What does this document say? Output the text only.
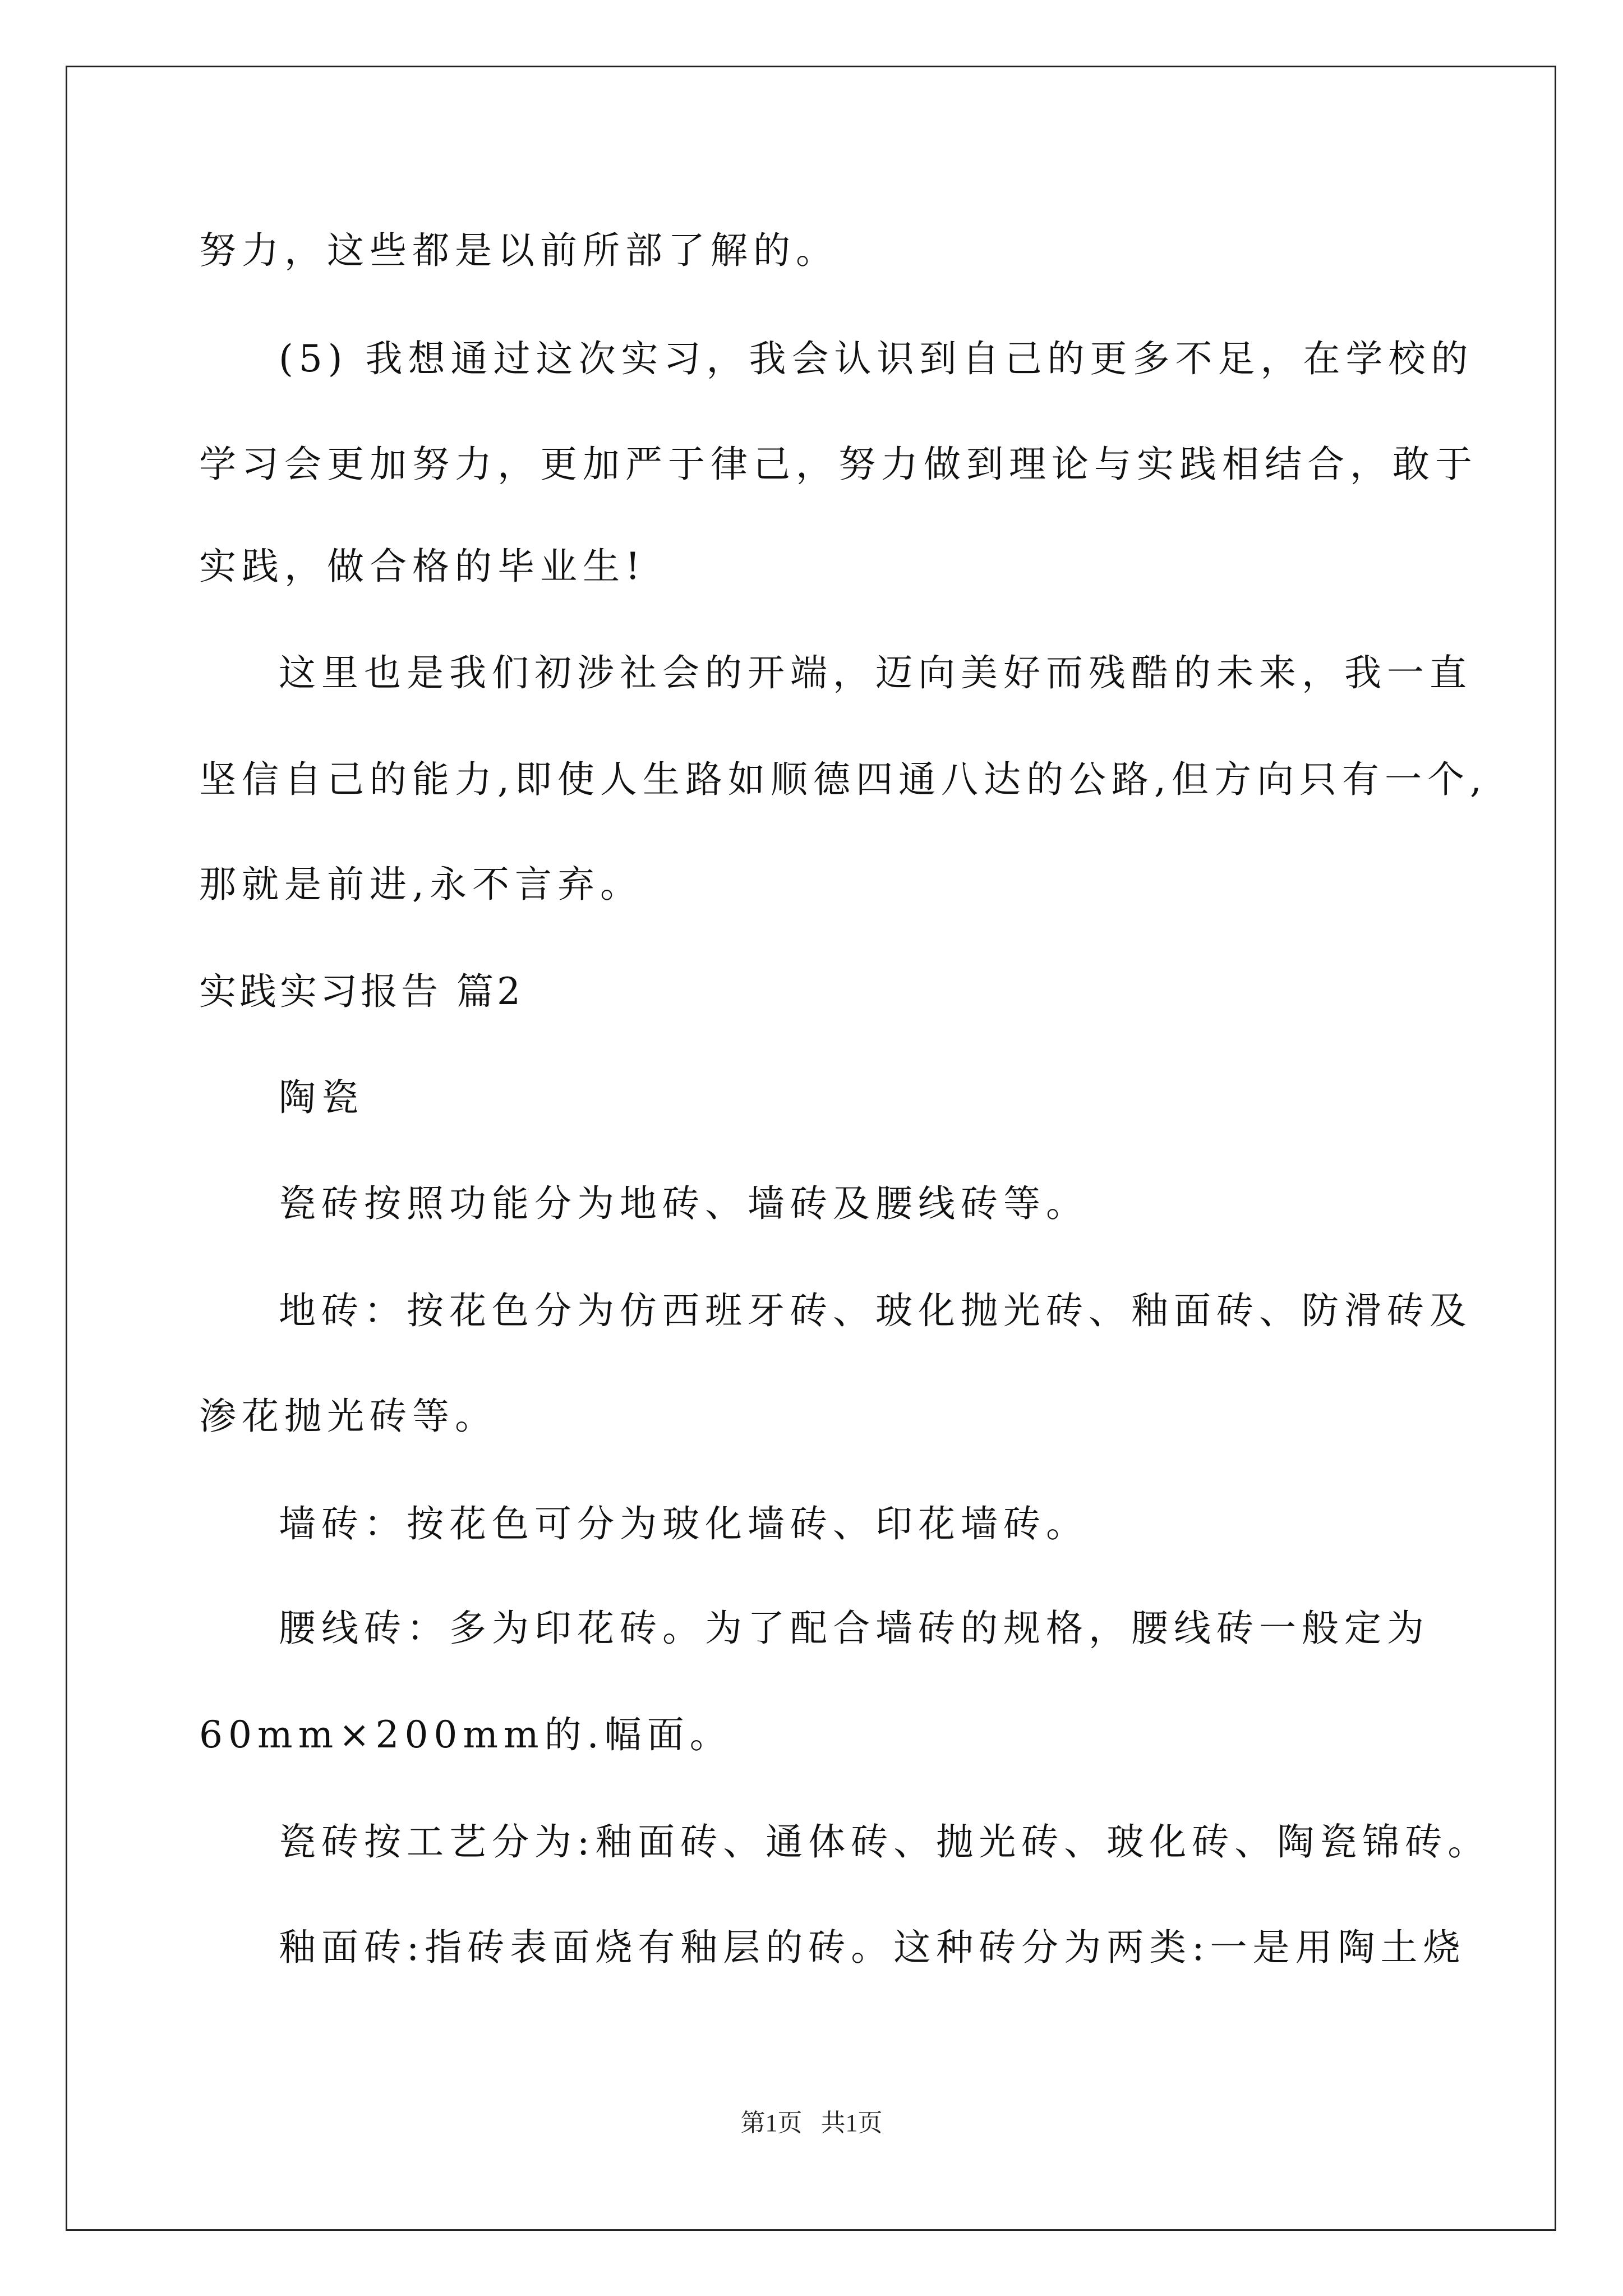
努力，这些都是以前所部了解的。
(5) 我想通过这次实习，我会认识到自己的更多不足，在学校的
学习会更加努力，更加严于律己，努力做到理论与实践相结合，敢于
实践，做合格的毕业生!
这里也是我们初涉社会的开端，迈向美好而残酷的未来，我一直
坚信自己的能力,即使人生路如顺德四通八达的公路,但方向只有一个,
那就是前进,永不言弃。
实践实习报告 篇2
陶瓷
瓷砖按照功能分为地砖、墙砖及腰线砖等。
地砖：按花色分为仿西班牙砖、玻化抛光砖、釉面砖、防滑砖及
渗花抛光砖等。
墙砖：按花色可分为玻化墙砖、印花墙砖。
腰线砖：多为印花砖。为了配合墙砖的规格，腰线砖一般定为
60mm×200mm的.幅面。
瓷砖按工艺分为:釉面砖、通体砖、抛光砖、玻化砖、陶瓷锦砖。
釉面砖:指砖表面烧有釉层的砖。这种砖分为两类:一是用陶土烧
第1页   共1页
